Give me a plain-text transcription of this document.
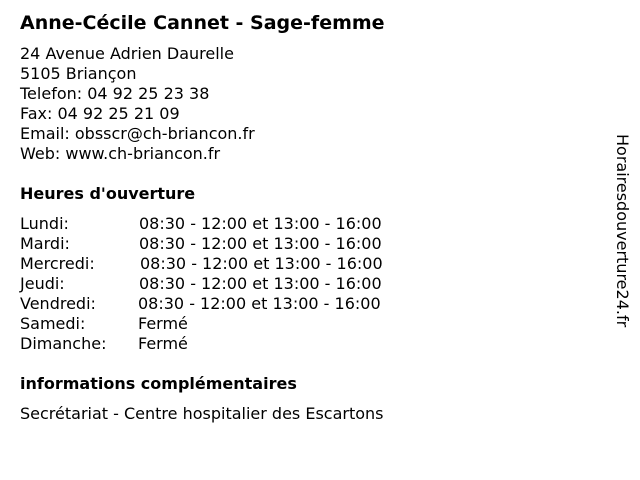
Anne-Cécile Cannet - Sage-femme
24 Avenue Adrien Daurelle
5105 Briançon
Telefon: 04 92 25 23 38
Fax: 04 92 25 21 09
Email: obsscr@ch-briancon.fr
Web: www.ch-briancon.fr
Heures d'ouverture
Lundi:	08:30 - 12:00 et 13:00 - 16:00
Mardi:	08:30 - 12:00 et 13:00 - 16:00
Mercredi:	08:30 - 12:00 et 13:00 - 16:00
Jeudi:	08:30 - 12:00 et 13:00 - 16:00
Vendredi:	08:30 - 12:00 et 13:00 - 16:00
Samedi:	Fermé
Dimanche: Fermé
informations complémentaires
Secrétariat - Centre hospitalier des Escartons
Horairesdouverture24.fr
